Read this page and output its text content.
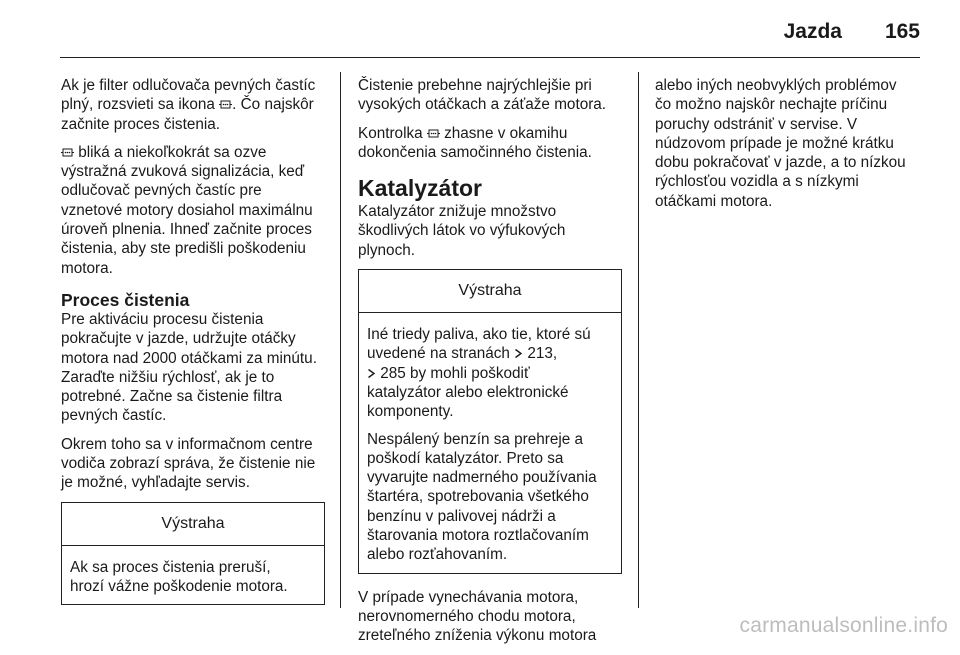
Jazda 165

Ak je filter odlučovača pevných častíc
plný, rozsvieti sa ikona . Čo najskôr
začnite proces čistenia.

bliká a niekoľkokrát sa ozve
výstražná zvuková signalizácia, keď
odlučovač pevných častíc pre
vznetové motory dosiahol maximálnu
úroveň plnenia. Ihneď začnite proces
čistenia, aby ste predišli poškodeniu
motora.

Proces čistenia

Pre aktiváciu procesu čistenia
pokračujte v jazde, udržujte otáčky
motora nad 2000 otáčkami za minútu.
Zaraďte nižšiu rýchlosť, ak je to
potrebné. Začne sa čistenie filtra
pevných častíc.

Okrem toho sa v informačnom centre
vodiča zobrazí správa, že čistenie nie
je možné, vyhľadajte servis.

Výstraha

Ak sa proces čistenia preruší,
hrozí vážne poškodenie motora.

Čistenie prebehne najrýchlejšie pri
vysokých otáčkach a záťaže motora.

Kontrolka zhasne v okamihu
dokončenia samočinného čistenia.

Katalyzátor

Katalyzátor znižuje množstvo
škodlivých látok vo výfukových
plynoch.

Výstraha

Iné triedy paliva, ako tie, ktoré sú
uvedené na stranách 213,
285 by mohli poškodiť
katalyzátor alebo elektronické
komponenty.

Nespálený benzín sa prehreje a
poškodí katalyzátor. Preto sa
vyvarujte nadmerného používania
štartéra, spotrebovania všetkého
benzínu v palivovej nádrži a
štarovania motora roztlačovaním
alebo rozťahovaním.

V prípade vynechávania motora,
nerovnomerného chodu motora,
zreteľného zníženia výkonu motora

alebo iných neobvyklých problémov
čo možno najskôr nechajte príčinu
poruchy odstrániť v servise. V
núdzovom prípade je možné krátku
dobu pokračovať v jazde, a to nízkou
rýchlosťou vozidla a s nízkymi
otáčkami motora.

carmanualsonline.info
